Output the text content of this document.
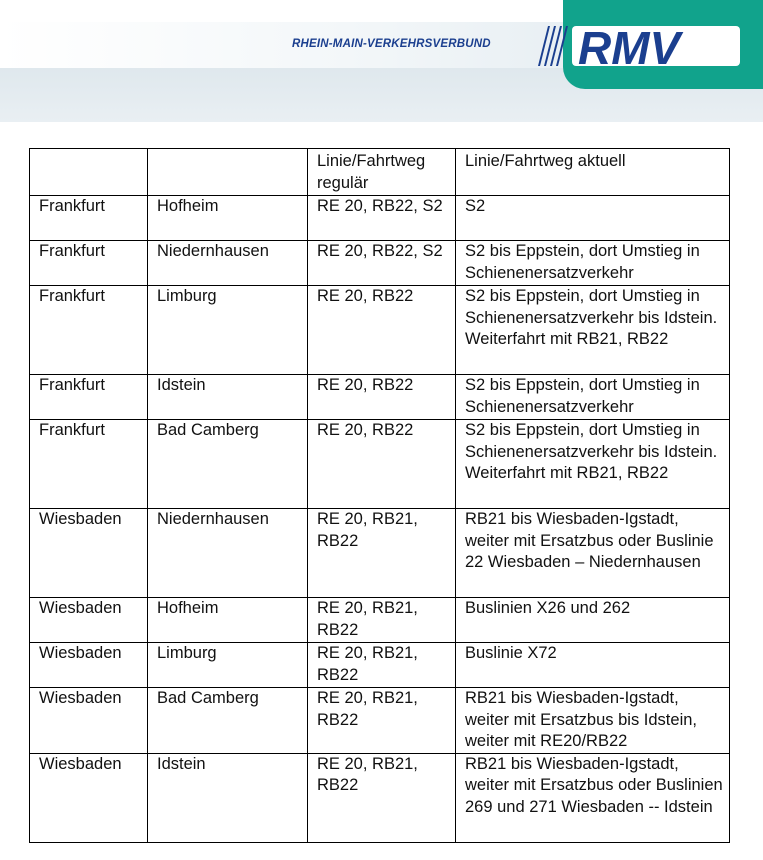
RHEIN-MAIN-VERKEHRSVERBUND RMV
		Linie/Fahrtweg regulär	Linie/Fahrtweg aktuell
Frankfurt	Hofheim	RE 20, RB22, S2	S2
Frankfurt	Niedernhausen	RE 20, RB22, S2	S2 bis Eppstein, dort Umstieg in Schienenersatzverkehr
Frankfurt	Limburg	RE 20, RB22	S2 bis Eppstein, dort Umstieg in Schienenersatzverkehr bis Idstein. Weiterfahrt mit RB21, RB22
Frankfurt	Idstein	RE 20, RB22	S2 bis Eppstein, dort Umstieg in Schienenersatzverkehr
Frankfurt	Bad Camberg	RE 20, RB22	S2 bis Eppstein, dort Umstieg in Schienenersatzverkehr bis Idstein. Weiterfahrt mit RB21, RB22
Wiesbaden	Niedernhausen	RE 20, RB21, RB22	RB21 bis Wiesbaden-Igstadt, weiter mit Ersatzbus oder Buslinie 22 Wiesbaden – Niedernhausen
Wiesbaden	Hofheim	RE 20, RB21, RB22	Buslinien X26 und 262
Wiesbaden	Limburg	RE 20, RB21, RB22	Buslinie X72
Wiesbaden	Bad Camberg	RE 20, RB21, RB22	RB21 bis Wiesbaden-Igstadt, weiter mit Ersatzbus bis Idstein, weiter mit RE20/RB22
Wiesbaden	Idstein	RE 20, RB21, RB22	RB21 bis Wiesbaden-Igstadt, weiter mit Ersatzbus oder Buslinien 269 und 271 Wiesbaden -- Idstein
